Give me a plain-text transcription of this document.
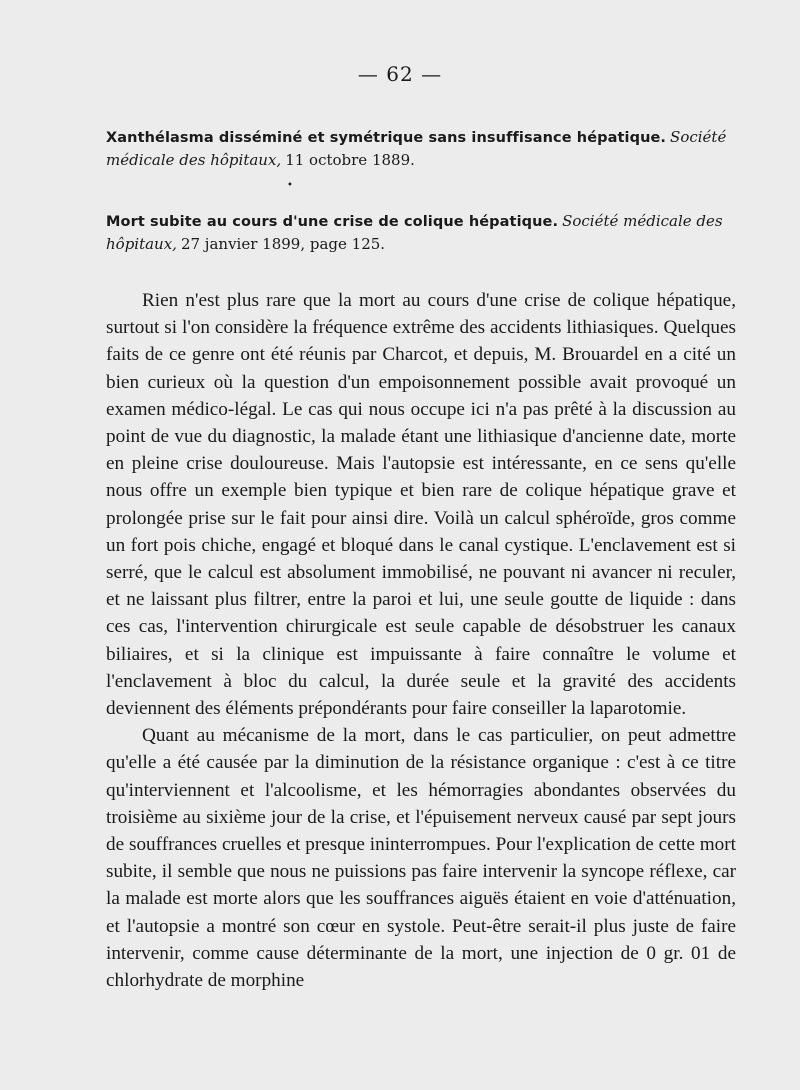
— 62 —
Xanthélasma disséminé et symétrique sans insuffisance hépatique. Société médicale des hôpitaux, 11 octobre 1889.
•
Mort subite au cours d'une crise de colique hépatique. Société médicale des hôpitaux, 27 janvier 1899, page 125.

Rien n'est plus rare que la mort au cours d'une crise de colique hépatique, surtout si l'on considère la fréquence extrême des accidents lithiasiques. Quelques faits de ce genre ont été réunis par Charcot, et depuis, M. Brouardel en a cité un bien curieux où la question d'un empoisonnement possible avait provoqué un examen médico-légal. Le cas qui nous occupe ici n'a pas prêté à la discussion au point de vue du diagnostic, la malade étant une lithiasique d'ancienne date, morte en pleine crise douloureuse. Mais l'autopsie est intéressante, en ce sens qu'elle nous offre un exemple bien typique et bien rare de colique hépatique grave et prolongée prise sur le fait pour ainsi dire. Voilà un calcul sphéroïde, gros comme un fort pois chiche, engagé et bloqué dans le canal cystique. L'enclavement est si serré, que le calcul est absolument immobilisé, ne pouvant ni avancer ni reculer, et ne laissant plus filtrer, entre la paroi et lui, une seule goutte de liquide : dans ces cas, l'intervention chirurgicale est seule capable de désobstruer les canaux biliaires, et si la clinique est impuissante à faire connaître le volume et l'enclavement à bloc du calcul, la durée seule et la gravité des accidents deviennent des éléments prépondérants pour faire conseiller la laparotomie.

Quant au mécanisme de la mort, dans le cas particulier, on peut admettre qu'elle a été causée par la diminution de la résistance organique : c'est à ce titre qu'interviennent et l'alcoolisme, et les hémorragies abondantes observées du troisième au sixième jour de la crise, et l'épuisement nerveux causé par sept jours de souffrances cruelles et presque ininterrompues. Pour l'explication de cette mort subite, il semble que nous ne puissions pas faire intervenir la syncope réflexe, car la malade est morte alors que les souffrances aiguës étaient en voie d'atténuation, et l'autopsie a montré son cœur en systole. Peut-être serait-il plus juste de faire intervenir, comme cause déterminante de la mort, une injection de 0 gr. 01 de chlorhydrate de morphine
